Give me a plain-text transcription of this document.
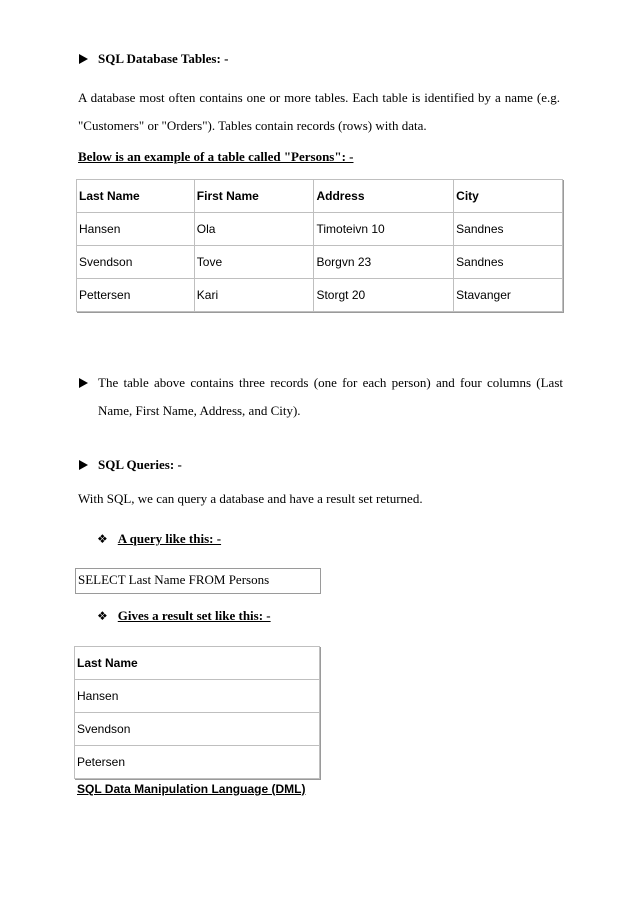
SQL Database Tables: -
A database most often contains one or more tables. Each table is identified by a name (e.g.
"Customers" or "Orders"). Tables contain records (rows) with data.
Below is an example of a table called "Persons": -
Last Name	First Name	Address	City
Hansen	Ola	Timoteivn 10	Sandnes
Svendson	Tove	Borgvn 23	Sandnes
Pettersen	Kari	Storgt 20	Stavanger
The table above contains three records (one for each person) and four columns (Last
Name, First Name, Address, and City).
SQL Queries: -
With SQL, we can query a database and have a result set returned.
❖ A query like this: -
SELECT Last Name FROM Persons
❖ Gives a result set like this: -
Last Name
Hansen
Svendson
Petersen
SQL Data Manipulation Language (DML)
